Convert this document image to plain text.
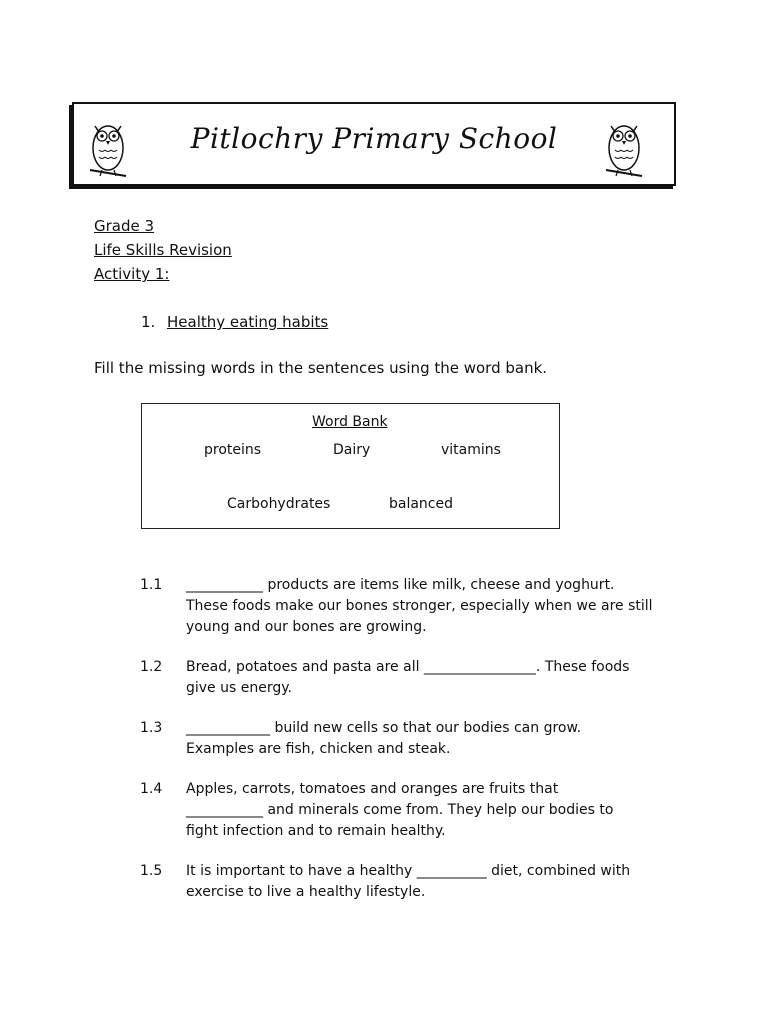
Pitlochry Primary School
Grade 3
Life Skills Revision
Activity 1:
1. Healthy eating habits
Fill the missing words in the sentences using the word bank.
Word Bank
proteins	Dairy	vitamins
Carbohydrates	balanced
1.1 ___________ products are items like milk, cheese and yoghurt.
These foods make our bones stronger, especially when we are still
young and our bones are growing.
1.2 Bread, potatoes and pasta are all ________________. These foods
give us energy.
1.3 ____________ build new cells so that our bodies can grow.
Examples are fish, chicken and steak.
1.4 Apples, carrots, tomatoes and oranges are fruits that
___________ and minerals come from. They help our bodies to
fight infection and to remain healthy.
1.5 It is important to have a healthy __________ diet, combined with
exercise to live a healthy lifestyle.
